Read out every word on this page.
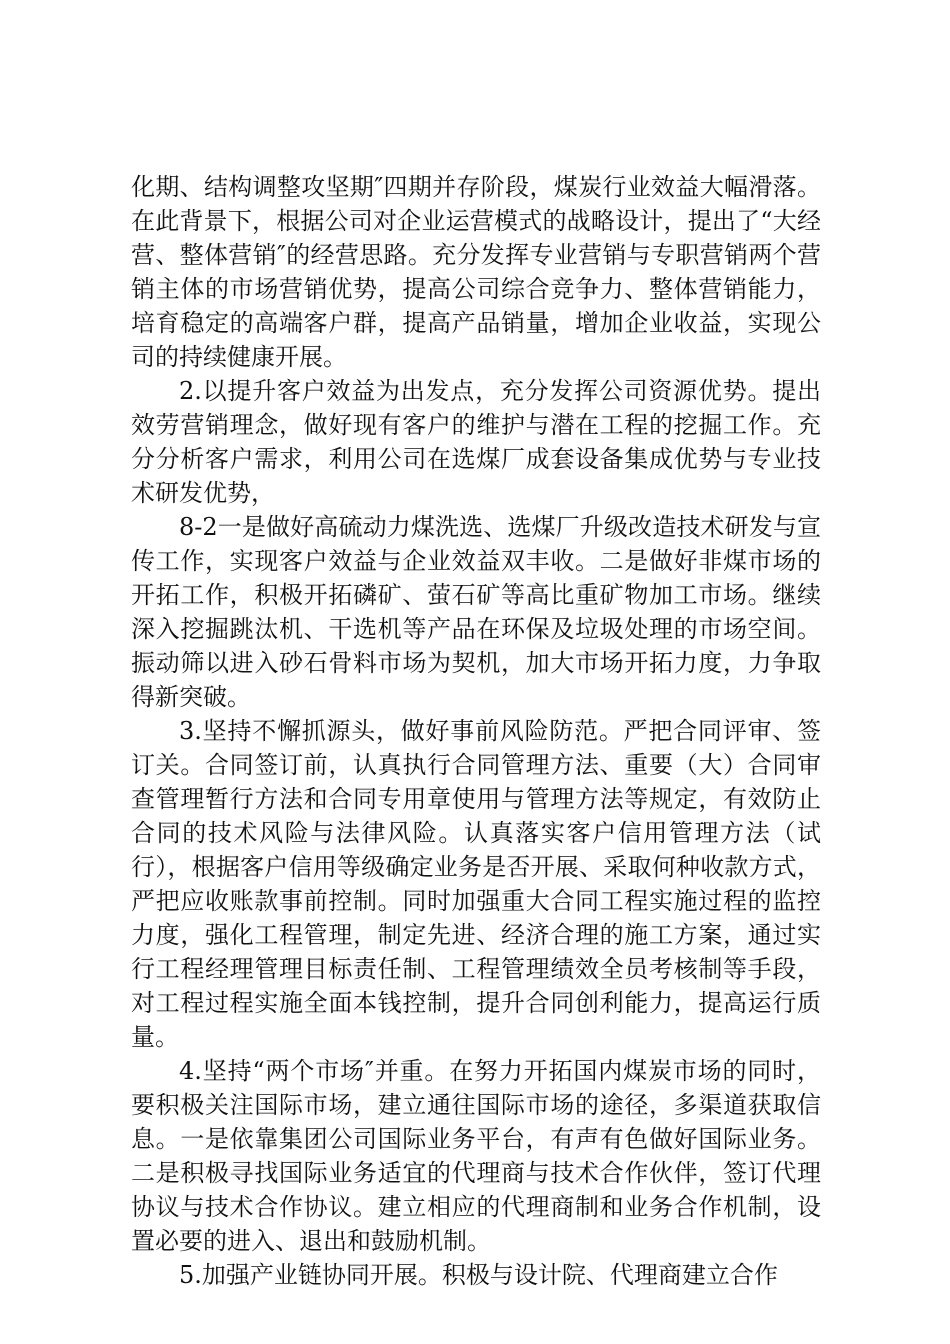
化期、结构调整攻坚期″四期并存阶段，煤炭行业效益大幅滑落。在此背景下，根据公司对企业运营模式的战略设计，提出了“大经营、整体营销″的经营思路。充分发挥专业营销与专职营销两个营销主体的市场营销优势，提高公司综合竞争力、整体营销能力，培育稳定的高端客户群，提高产品销量，增加企业收益，实现公司的持续健康开展。

2.以提升客户效益为出发点，充分发挥公司资源优势。提出效劳营销理念，做好现有客户的维护与潜在工程的挖掘工作。充分分析客户需求，利用公司在选煤厂成套设备集成优势与专业技术研发优势，

8-2一是做好高硫动力煤洗选、选煤厂升级改造技术研发与宣传工作，实现客户效益与企业效益双丰收。二是做好非煤市场的开拓工作，积极开拓磷矿、萤石矿等高比重矿物加工市场。继续深入挖掘跳汰机、干选机等产品在环保及垃圾处理的市场空间。振动筛以进入砂石骨料市场为契机，加大市场开拓力度，力争取得新突破。

3.坚持不懈抓源头，做好事前风险防范。严把合同评审、签订关。合同签订前，认真执行合同管理方法、重要（大）合同审查管理暂行方法和合同专用章使用与管理方法等规定，有效防止合同的技术风险与法律风险。认真落实客户信用管理方法（试行），根据客户信用等级确定业务是否开展、采取何种收款方式，严把应收账款事前控制。同时加强重大合同工程实施过程的监控力度，强化工程管理，制定先进、经济合理的施工方案，通过实行工程经理管理目标责任制、工程管理绩效全员考核制等手段，对工程过程实施全面本钱控制，提升合同创利能力，提高运行质量。

4.坚持“两个市场″并重。在努力开拓国内煤炭市场的同时，要积极关注国际市场，建立通往国际市场的途径，多渠道获取信息。一是依靠集团公司国际业务平台，有声有色做好国际业务。二是积极寻找国际业务适宜的代理商与技术合作伙伴，签订代理协议与技术合作协议。建立相应的代理商制和业务合作机制，设置必要的进入、退出和鼓励机制。

5.加强产业链协同开展。积极与设计院、代理商建立合作
